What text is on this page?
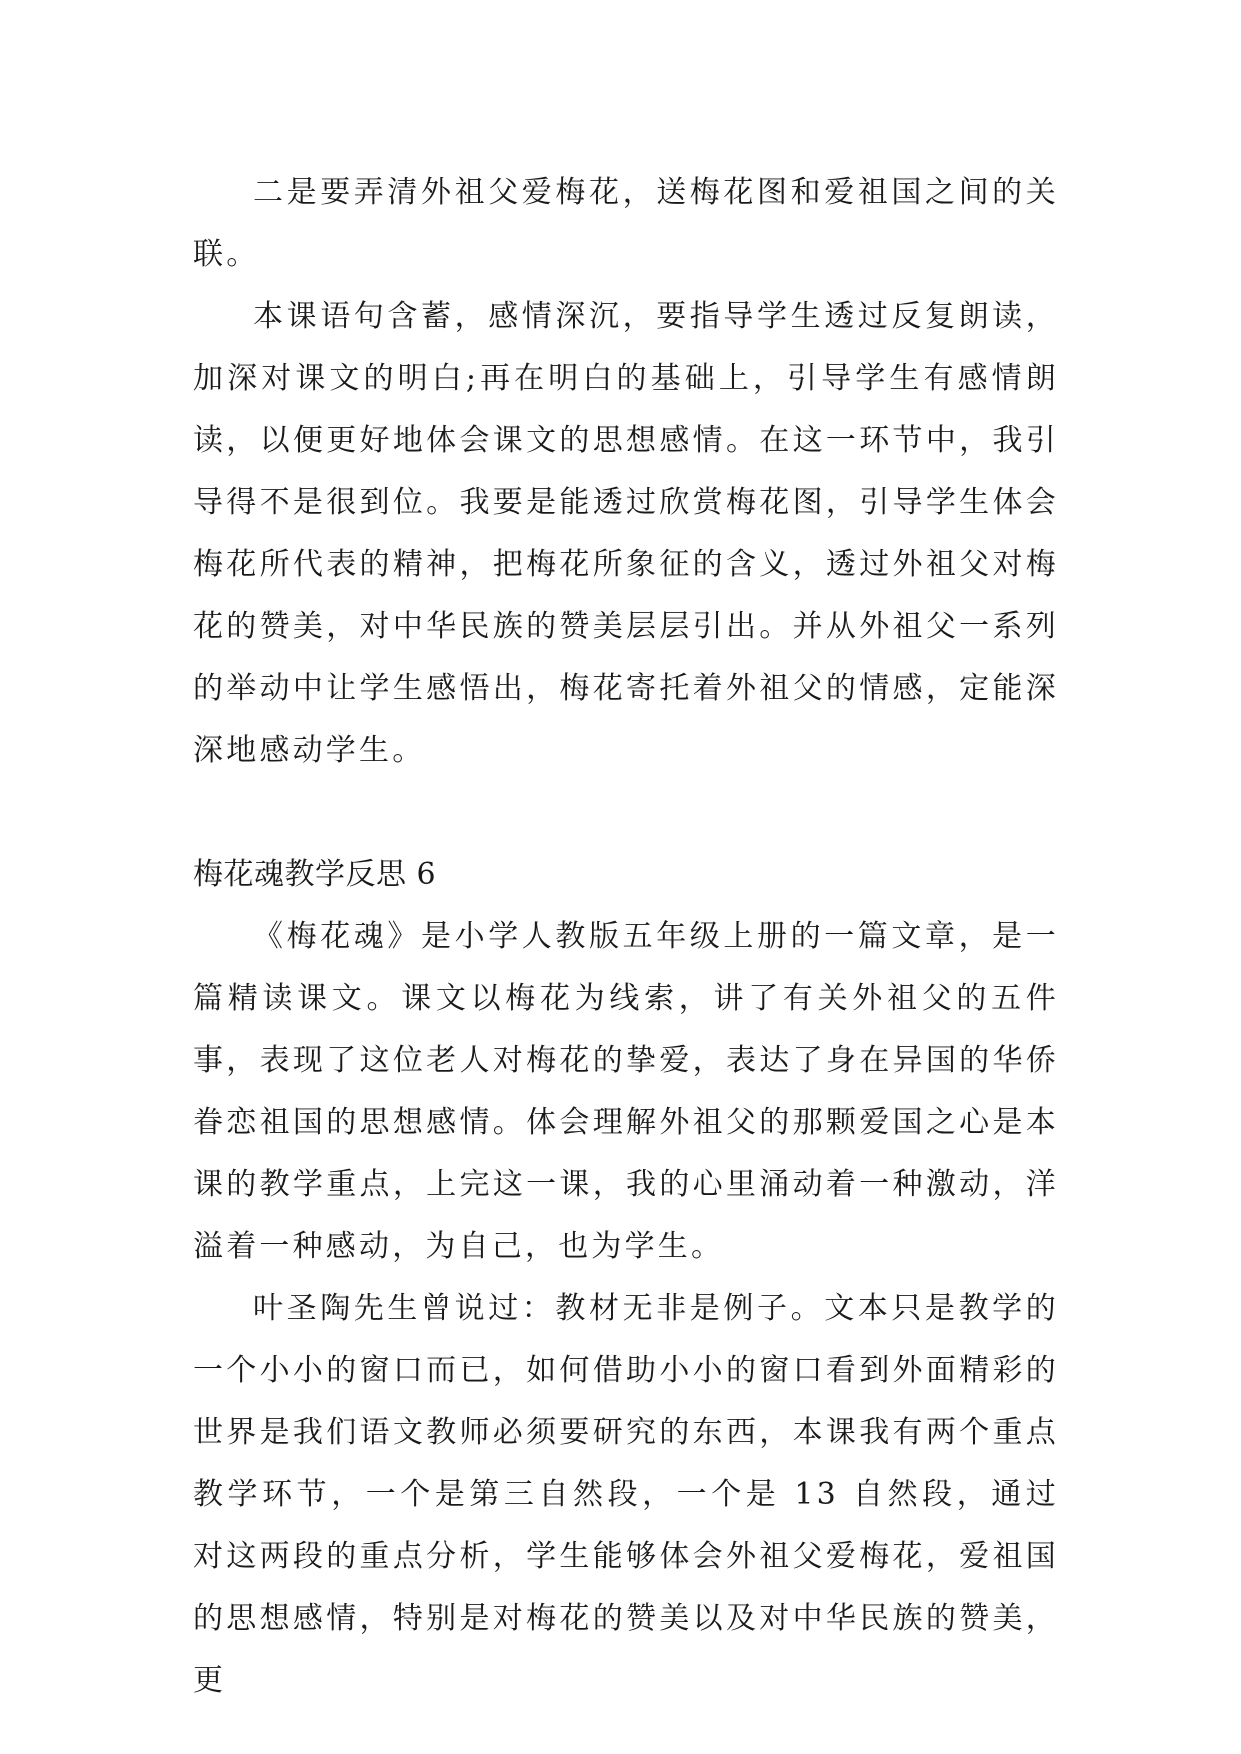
二是要弄清外祖父爱梅花，送梅花图和爱祖国之间的关联。

本课语句含蓄，感情深沉，要指导学生透过反复朗读，加深对课文的明白;再在明白的基础上，引导学生有感情朗读，以便更好地体会课文的思想感情。在这一环节中，我引导得不是很到位。我要是能透过欣赏梅花图，引导学生体会梅花所代表的精神，把梅花所象征的含义，透过外祖父对梅花的赞美，对中华民族的赞美层层引出。并从外祖父一系列的举动中让学生感悟出，梅花寄托着外祖父的情感，定能深深地感动学生。

梅花魂教学反思 6

《梅花魂》是小学人教版五年级上册的一篇文章，是一篇精读课文。课文以梅花为线索，讲了有关外祖父的五件事，表现了这位老人对梅花的挚爱，表达了身在异国的华侨眷恋祖国的思想感情。体会理解外祖父的那颗爱国之心是本课的教学重点，上完这一课，我的心里涌动着一种激动，洋溢着一种感动，为自己，也为学生。

叶圣陶先生曾说过：教材无非是例子。文本只是教学的一个小小的窗口而已，如何借助小小的窗口看到外面精彩的世界是我们语文教师必须要研究的东西，本课我有两个重点教学环节，一个是第三自然段，一个是 13 自然段，通过对这两段的重点分析，学生能够体会外祖父爱梅花，爱祖国的思想感情，特别是对梅花的赞美以及对中华民族的赞美，更
